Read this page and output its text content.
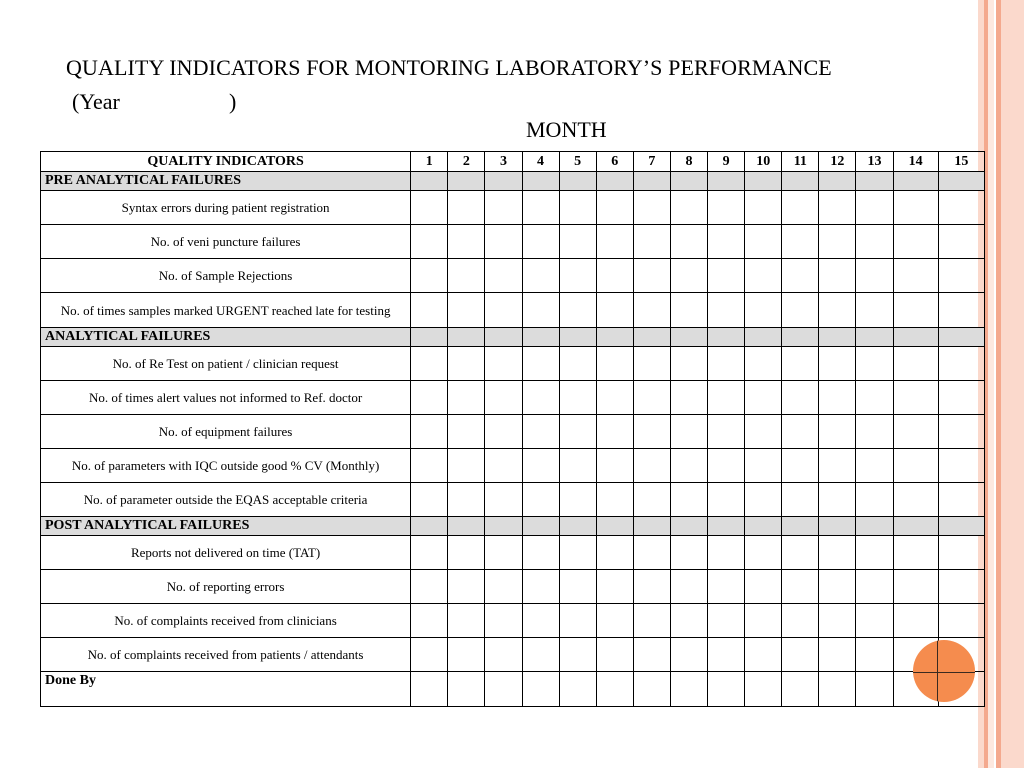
QUALITY INDICATORS FOR MONTORING LABORATORY’S PERFORMANCE
(Year	)
MONTH
QUALITY INDICATORS	1	2	3	4	5	6	7	8	9	10	11	12	13	14	15
PRE ANALYTICAL FAILURES															
Syntax errors during patient registration															
No. of veni puncture failures															
No. of Sample Rejections															
No. of times samples marked URGENT reached late for testing															
ANALYTICAL FAILURES															
No. of Re Test on patient / clinician request															
No. of times alert values not informed to Ref. doctor															
No. of equipment failures															
No. of parameters with IQC outside good % CV (Monthly)															
No. of parameter outside the EQAS acceptable criteria															
POST ANALYTICAL FAILURES															
Reports not delivered on time (TAT)															
No. of reporting errors															
No. of complaints received from clinicians															
No. of complaints received from patients / attendants															
Done By															
